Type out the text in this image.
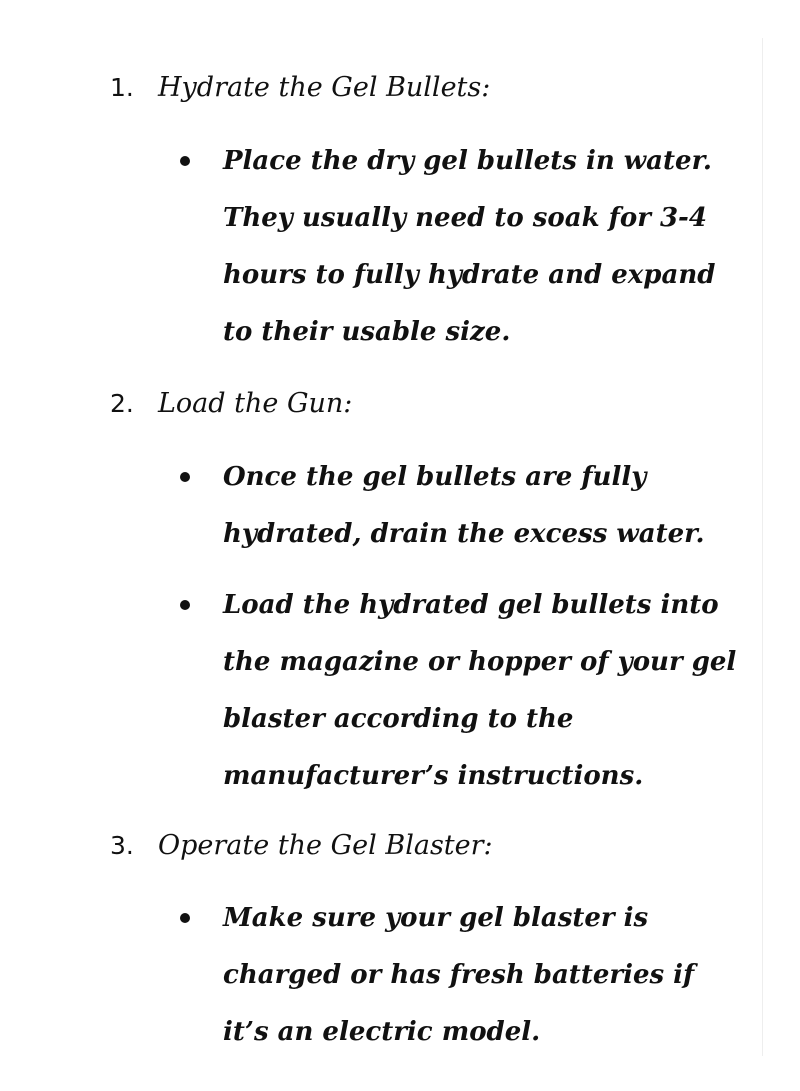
1. Hydrate the Gel Bullets:
Place the dry gel bullets in water. They usually need to soak for 3-4 hours to fully hydrate and expand to their usable size.
2. Load the Gun:
Once the gel bullets are fully hydrated, drain the excess water.
Load the hydrated gel bullets into the magazine or hopper of your gel blaster according to the manufacturer’s instructions.
3. Operate the Gel Blaster:
Make sure your gel blaster is charged or has fresh batteries if it’s an electric model.
